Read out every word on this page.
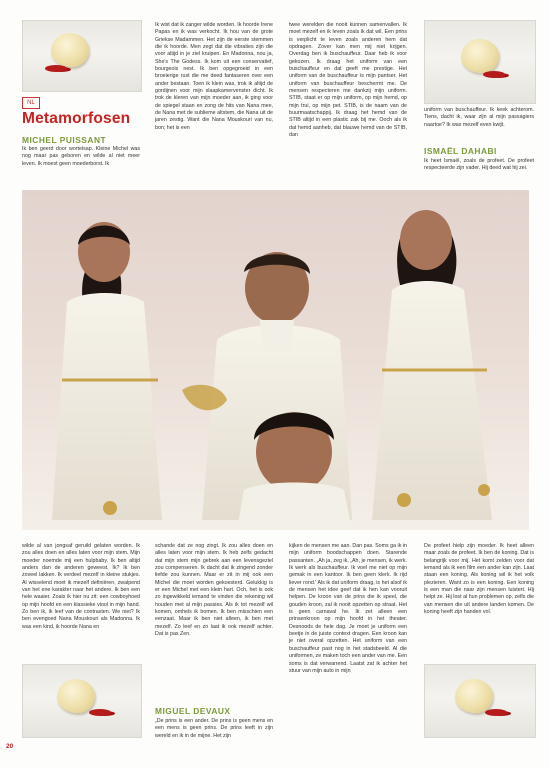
NL
Metamorfosen
MICHEL PUISSANT
ISMAËL DAHABI

Ik ben geerd door wortelsap. Kleine Michel was nog maar pas geboren en wilde al niet meer leven. Ik moest geen moederborst. Ik

Ik wist dat ik zanger wilde worden. Ik hoorde Irene Papas en ik was verkocht. Ik hou van de grote Griekse Madammen. Het zijn de eerste stemmen die ik hoorde. Men zegt dat die vibraties zijn die voor altijd in je ziel kruipen. En Madonna, nou ja, She's The Godess. Ik kom uit een conservatief, bourgeois nest. Ik ben opgegroeid in een broeierige rust die me deed fantaseren over een ander bestaan. Toen ik klein was, trok ik altijd de gordijnen voor mijn slaapkamervenster dicht. Ik trok de kleren van mijn moeder aan, ik ging voor de spiegel staan en zong de hits van Nana mee, de Nana met de sublieme altstem, die Nana uit de jaren zestig. Want die Nana Mouskouri van nu, bon; het is een

twee werelden die nooit kunnen samenvallen. Ik moet mezelf en ik leven zoals ik dat wil. Een prins is verplicht te leven zoals anderen hem dat opdragen. Zover kan men mij niet krijgen. Overdag ben ik buschauffeur. Daar heb ik voor gekozen. Ik draag het uniform van een buschauffeur en dat geeft me prestige. Het uniform van de buschauffeur is mijn pantser. Het uniform van buschauffeur beschermt me. De mensen respecteren me dankzij mijn uniform. STIB, staat er op mijn uniform, op mijn hemd, op mijn trui, op mijn pet. STIB, is de naam van de buurmaatschappij. Ik draag het hemd van de STIB altijd in een plastic zak bij me. Ooch als ik dat hemd aanheb, dat blauwe hemd van de STIB, dan

uniform van buschauffeur. Ik keek achterom. Tiens, dacht ik, waar zijn al mijn passagiers naartoe? Ik was mezelf even kwijt.

Ik heet Ismaël, zoals de profeet. De profeet respecteerde zijn vader. Hij deed wat hij zei.

wilde al van jongsaf geruild gelaten worden. Ik zou alles doen en alles laten voor mijn stem. Mijn moeder noemde mij een hulpbaby. Ik ben altijd anders dan de anderen geweest. Ik? Ik ben zoveel lakken. Ik verdeel mezelf in kleine stukjes. Al wisselend moet ik mezelf definiëren, zwalpend van het ene karakter naar het andere. Ik ben een hele waaier. Zoals ik hier nu zit: een cowboyhoed op mijn hoofd en een klassieke viool in mijn hand. Zo ben ik, ik leef van de contrasten. We niet? Ik ben evengoed Nana Mouskouri als Madonna. Ik was een kind, ik hoorde Nana en

schande dat ze nog zingt. Ik zou alles doen en alles laten voor mijn stem. Ik heb zelfs gedacht dat mijn stem mijn gebrek aan een levensgeziel zou compenseren. Ik dacht dat ik zingend zonder liefde zou kunnen. Maar er zit in mij ook een Michel die moet worden gekoesterd. Gelukkig is er een Michel met een klein hart. Och, het is ook zo ingewikkeld iemand te vinden die rekening wil houden met al mijn passies. Als ik tot mezelf wil komen, omhels ik bomen. Ik ben misschien een eenzaat. Maar ik ben niet alleen, ik ben met mezelf. Zo leef en zo laat ik ook mezelf achter. Dat is pas Zen.

MIGUEL DEVAUX

„De prins is een ander. De prins is geen mens en een mens is geen prins. De prins leeft in zijn wereld en ik in de mijne. Het zijn

kijken de mensen me aan. Dan pas. Soms ga ik in mijn uniform boodschappen doen. Starende passanten. „Ah ja, zeg ik, „Ah, je mensen, ik werk. Ik werk als buschauffeur. Ik voel me niet op mijn gemak in een kantoor. Ik ben geen klerk. Ik rijd liever rond.' Als ik dat uniform draag, is het alsof ik de mensen het idee geef dat ik hen kan vooruit helpen. De kroon van de prins die ik speel, die gouden kroon, zal ik nooit opzetten op straat. Het is geen carnaval he. Ik zet alleen een prinsenkroon op mijn hoofd in het theater. Desnoods de hele dag. Je moet je uniform een beetje in de juiste context dragen. Een kroon kan je niet overal opzetten. Het uniform van een buschauffeur past nog in het stadsbeeld. Al die uniformen, ze maken toch een ander van me. Een soms is dat verwarrend. Laatst zat ik achter het stuur van mijn auto in mijn

De profeet hielp zijn moeder. Ik heet alleen maar zoals de profeet. Ik ben de koning. Dat is belangrijk voor mij. Het komt zelden voor dat iemand als ik een film een ander kan zijn. Laat staan een koning. Als koning wil ik het volk plezieren. Want zo is een koning. Een koning is een man die naar zijn mensen luistert. Hij helpt ze. Hij lost al hun problemen op, zelfs die van mensen die uit andere landen komen. De koning heeft zijn handen vol.

20
